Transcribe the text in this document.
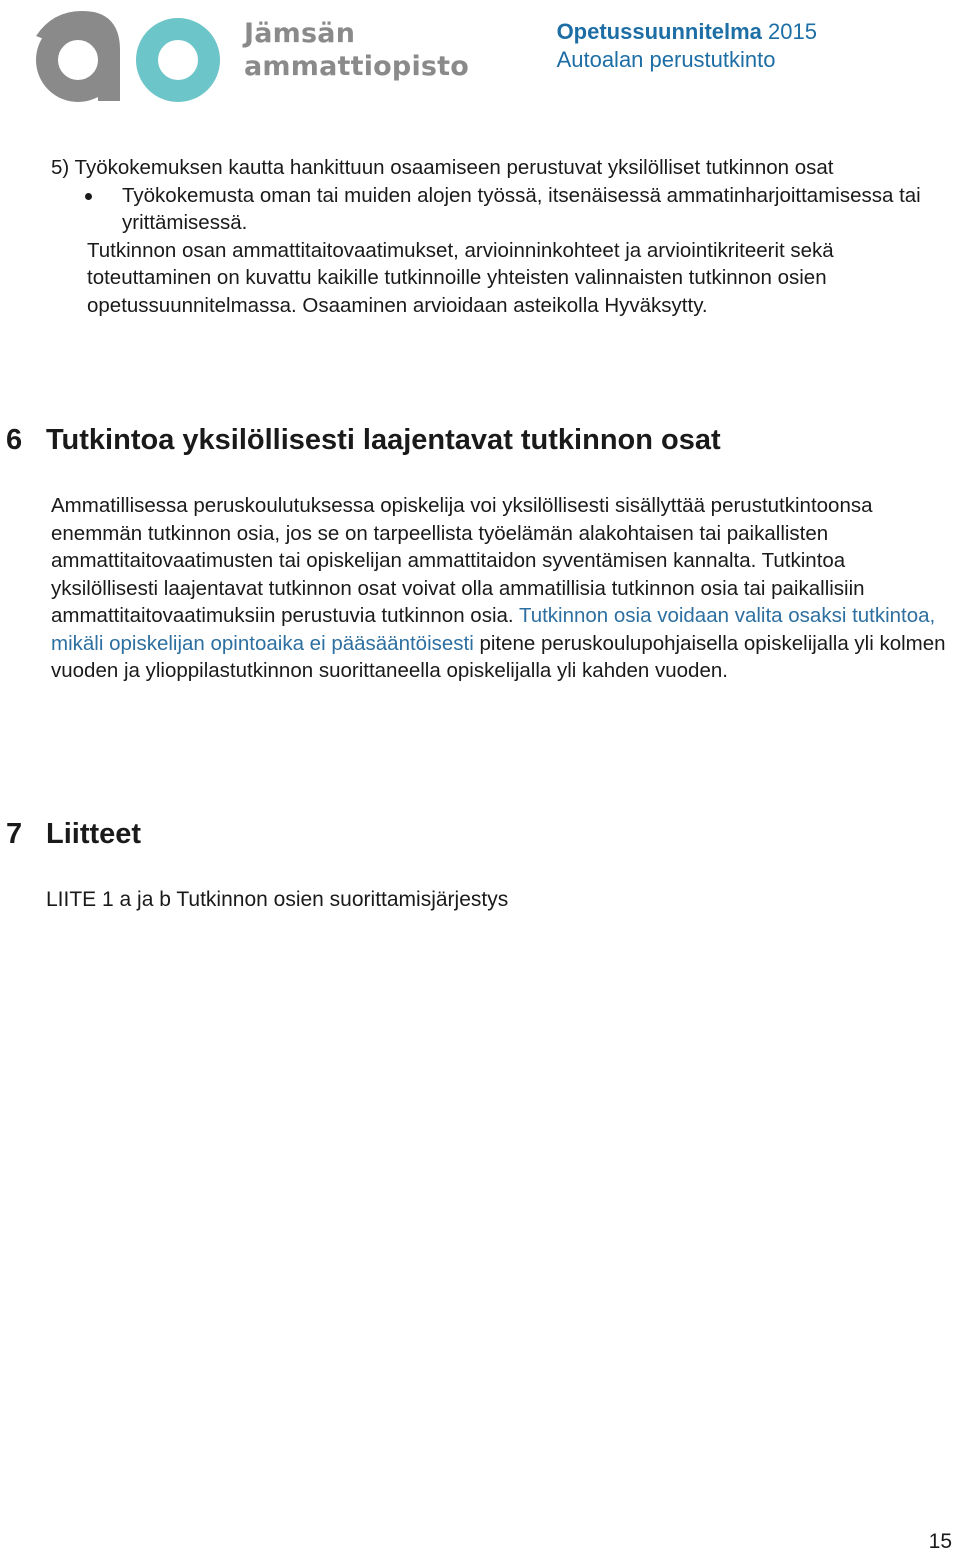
Jämsän
ammattiopisto
Opetussuunnitelma 2015
Autoalan perustutkinto

5) Työkokemuksen kautta hankittuun osaamiseen perustuvat yksilölliset tutkinnon osat

Työkokemusta oman tai muiden alojen työssä, itsenäisessä ammatinharjoittamisessa tai yrittämisessä.

Tutkinnon osan ammattitaitovaatimukset, arvioinninkohteet ja arviointikriteerit sekä toteuttaminen on kuvattu kaikille tutkinnoille yhteisten valinnaisten tutkinnon osien opetussuunnitelmassa. Osaaminen arvioidaan asteikolla Hyväksytty.

6 Tutkintoa yksilöllisesti laajentavat tutkinnon osat

Ammatillisessa peruskoulutuksessa opiskelija voi yksilöllisesti sisällyttää perustutkintoonsa enemmän tutkinnon osia, jos se on tarpeellista työelämän alakohtaisen tai paikallisten ammattitaitovaatimusten tai opiskelijan ammattitaidon syventämisen kannalta. Tutkintoa yksilöllisesti laajentavat tutkinnon osat voivat olla ammatillisia tutkinnon osia tai paikallisiin ammattitaitovaatimuksiin perustuvia tutkinnon osia. Tutkinnon osia voidaan valita osaksi tutkintoa, mikäli opiskelijan opintoaika ei pääsääntöisesti pitene peruskoulupohjaisella opiskelijalla yli kolmen vuoden ja ylioppilastutkinnon suorittaneella opiskelijalla yli kahden vuoden.

7 Liitteet

LIITE 1 a ja b Tutkinnon osien suorittamisjärjestys

15
